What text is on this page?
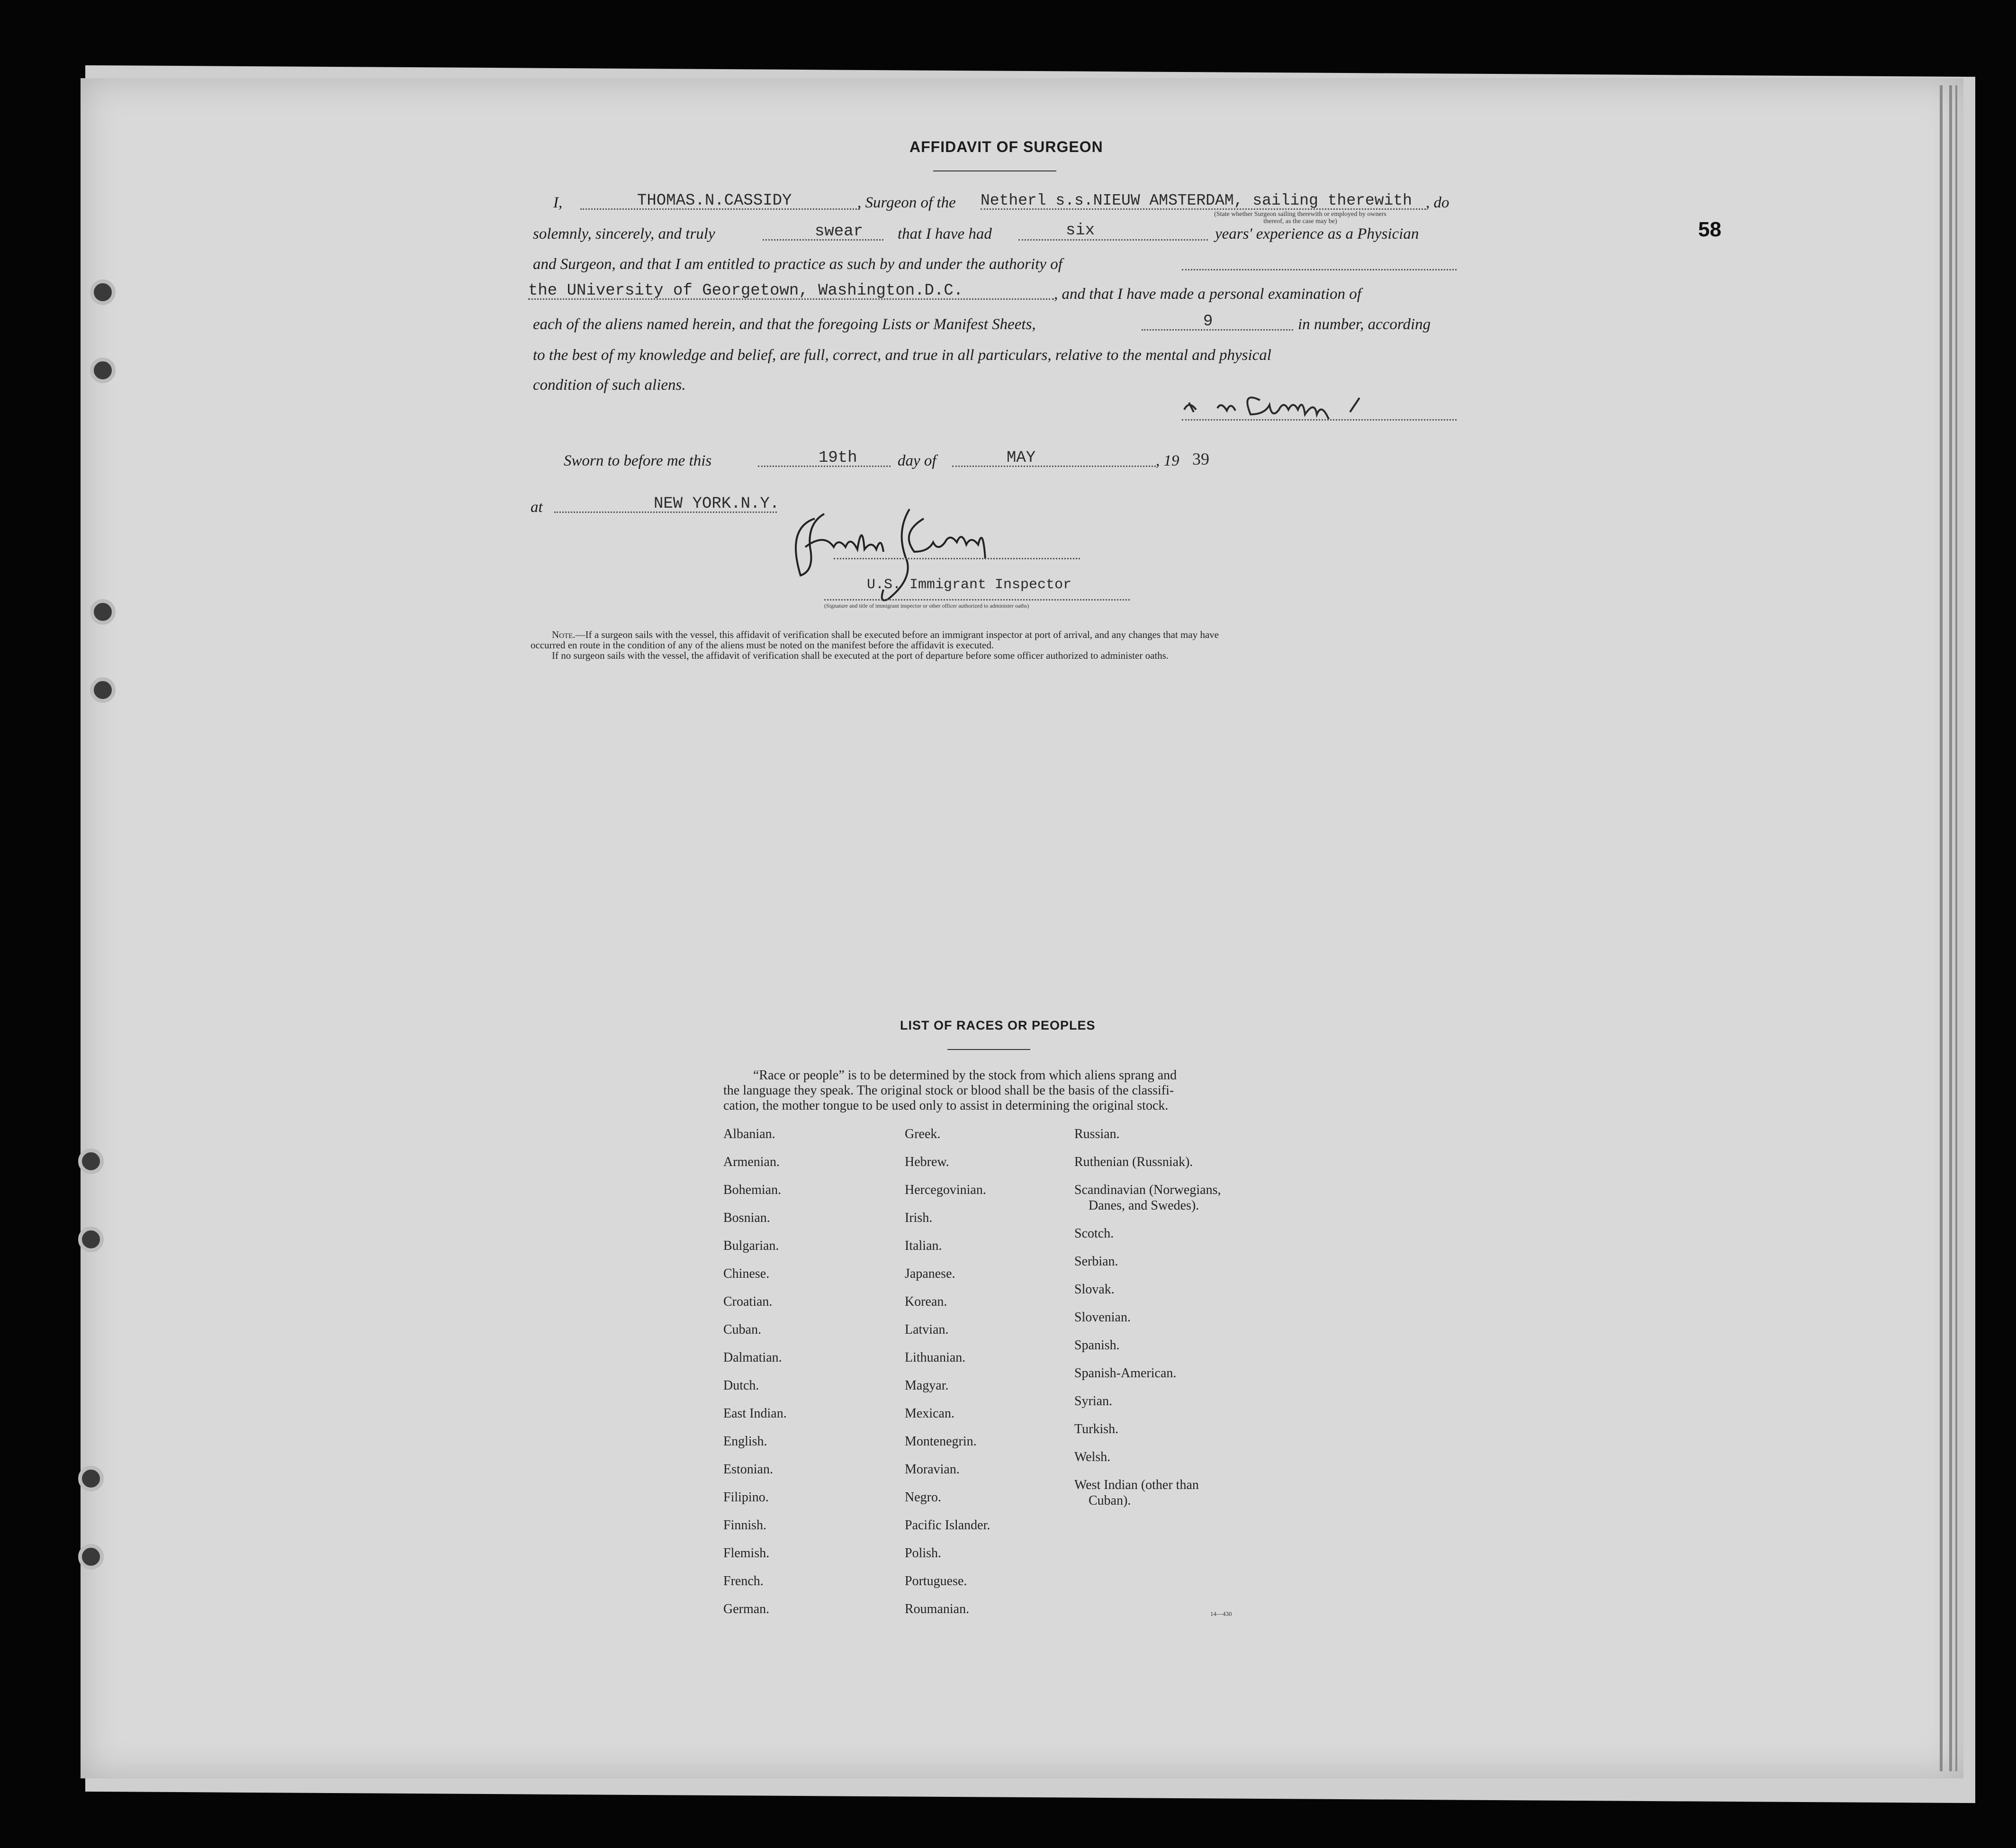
58
AFFIDAVIT OF SURGEON
I,	THOMAS.N.CASSIDY	, Surgeon of the Netherl s.s.NIEUW AMSTERDAM, sailing therewith , do
(State whether Surgeon sailing therewith or employed by owners thereof, as the case may be)
solemnly, sincerely, and truly	swear that I have had	six	years' experience as a Physician
and Surgeon, and that I am entitled to practice as such by and under the authority of
the UNiversity of Georgetown, Washington.D.C.	, and that I have made a personal examination of
each of the aliens named herein, and that the foregoing Lists or Manifest Sheets,	9	in number, according
to the best of my knowledge and belief, are full, correct, and true in all particulars, relative to the mental and physical
condition of such aliens.
Sworn to before me this	19th	day of	MAY	, 19 39
at	NEW YORK.N.Y.
U.S. Immigrant Inspector
(Signature and title of immigrant inspector or other officer authorized to administer oaths)
Note.—If a surgeon sails with the vessel, this affidavit of verification shall be executed before an immigrant inspector at port of arrival, and any changes that may have
occurred en route in the condition of any of the aliens must be noted on the manifest before the affidavit is executed.
If no surgeon sails with the vessel, the affidavit of verification shall be executed at the port of departure before some officer authorized to administer oaths.
LIST OF RACES OR PEOPLES
“Race or people” is to be determined by the stock from which aliens sprang and
the language they speak. The original stock or blood shall be the basis of the classifi-
cation, the mother tongue to be used only to assist in determining the original stock.
Albanian.
Armenian.
Bohemian.
Bosnian.
Bulgarian.
Chinese.
Croatian.
Cuban.
Dalmatian.
Dutch.
East Indian.
English.
Estonian.
Filipino.
Finnish.
Flemish.
French.
German.
Greek.
Hebrew.
Hercegovinian.
Irish.
Italian.
Japanese.
Korean.
Latvian.
Lithuanian.
Magyar.
Mexican.
Montenegrin.
Moravian.
Negro.
Pacific Islander.
Polish.
Portuguese.
Roumanian.
Russian.
Ruthenian (Russniak).
Scandinavian (Norwegians,
Danes, and Swedes).
Scotch.
Serbian.
Slovak.
Slovenian.
Spanish.
Spanish-American.
Syrian.
Turkish.
Welsh.
West Indian (other than
Cuban).
14—430
